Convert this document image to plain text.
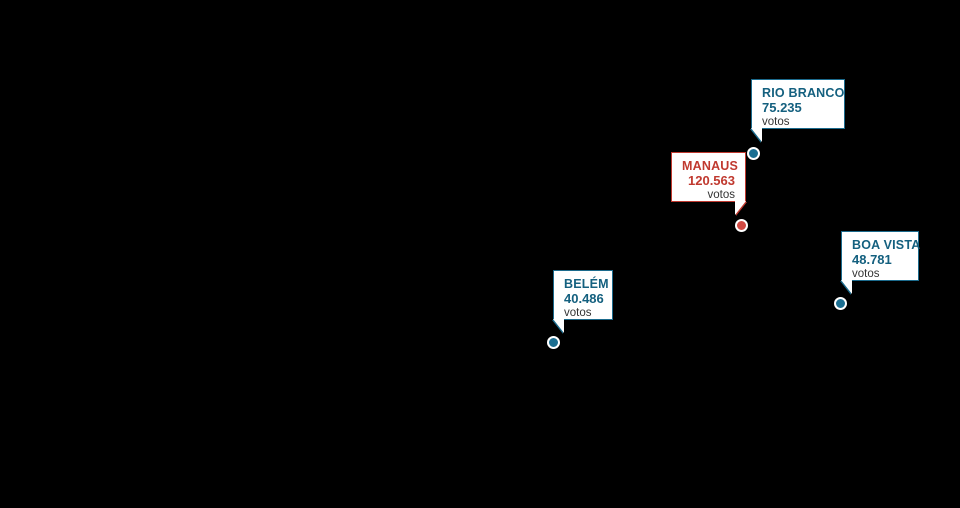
RIO BRANCO
75.235
votos
MANAUS
120.563
votos
BOA VISTA
48.781
votos
BELÉM
40.486
votos
